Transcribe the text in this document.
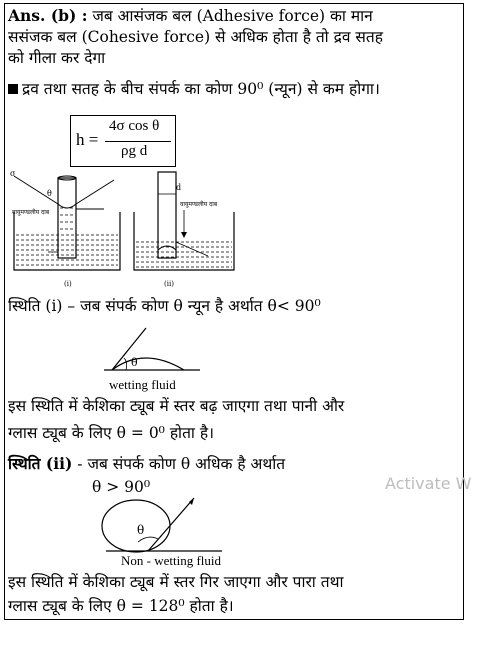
Ans. (b) : जब आसंजक बल (Adhesive force) का मान
ससंजक बल (Cohesive force) से अधिक होता है तो द्रव सतह
को गीला कर देगा
द्रव तथा सतह के बीच संपर्क का कोण 90⁰ (न्यून) से कम होगा।
h =
4σ cos θ
ρg d
σ
θ
वायुमण्डलीय दाब
(i)
d
वायुमण्डलीय दाब
(ii)
स्थिति (i) – जब संपर्क कोण θ न्यून है अर्थात θ< 90⁰
θ
wetting fluid
इस स्थिति में केशिका ट्यूब में स्तर बढ़ जाएगा तथा पानी और
ग्लास ट्यूब के लिए θ = 0⁰ होता है।
स्थिति (ii) - जब संपर्क कोण θ अधिक है अर्थात
θ > 90⁰
θ
Non - wetting fluid
इस स्थिति में केशिका ट्यूब में स्तर गिर जाएगा और पारा तथा
ग्लास ट्यूब के लिए θ = 128⁰ होता है।
Activate W
